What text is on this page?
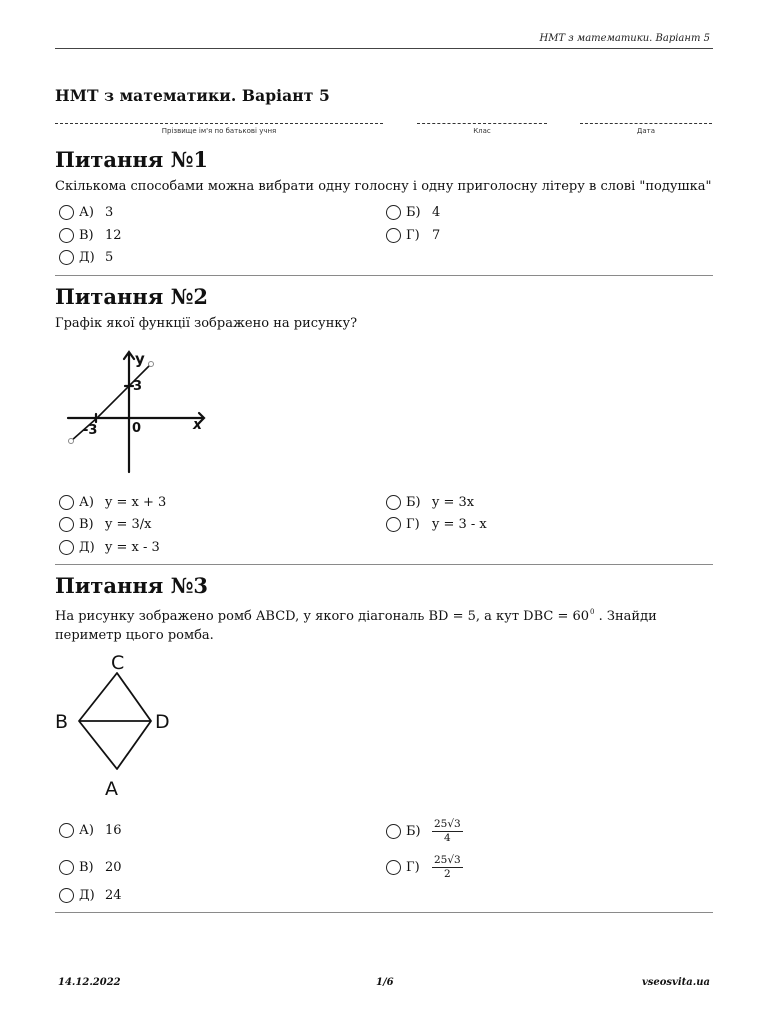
НМТ з математики. Варіант 5
НМТ з математики. Варіант 5
Прізвище ім'я по батькові учня	Клас	Дата
Питання №1

Скількома способами можна вибрати одну голосну і одну приголосну літеру в слові "подушка"

А) 3	Б) 4
В) 12	Г) 7
Д) 5
Питання №2

Графік якої функції зображено на рисунку?

y
x
0
3
-3
А) y = x + 3	Б) y = 3x
В) y = 3/x	Г) y = 3 - x
Д) y = x - 3
Питання №3

На рисунку зображено ромб ABCD, у якого діагональ BD = 5, а кут DBC = $60^0$ . Знайди периметр цього ромба.

C
B	D
A
А) 16	Б)	$\frac{25√3}{4}$
В) 20	Г)	$\frac{25√3}{2}$
Д) 24
14.12.2022	1/6	vseosvita.ua
